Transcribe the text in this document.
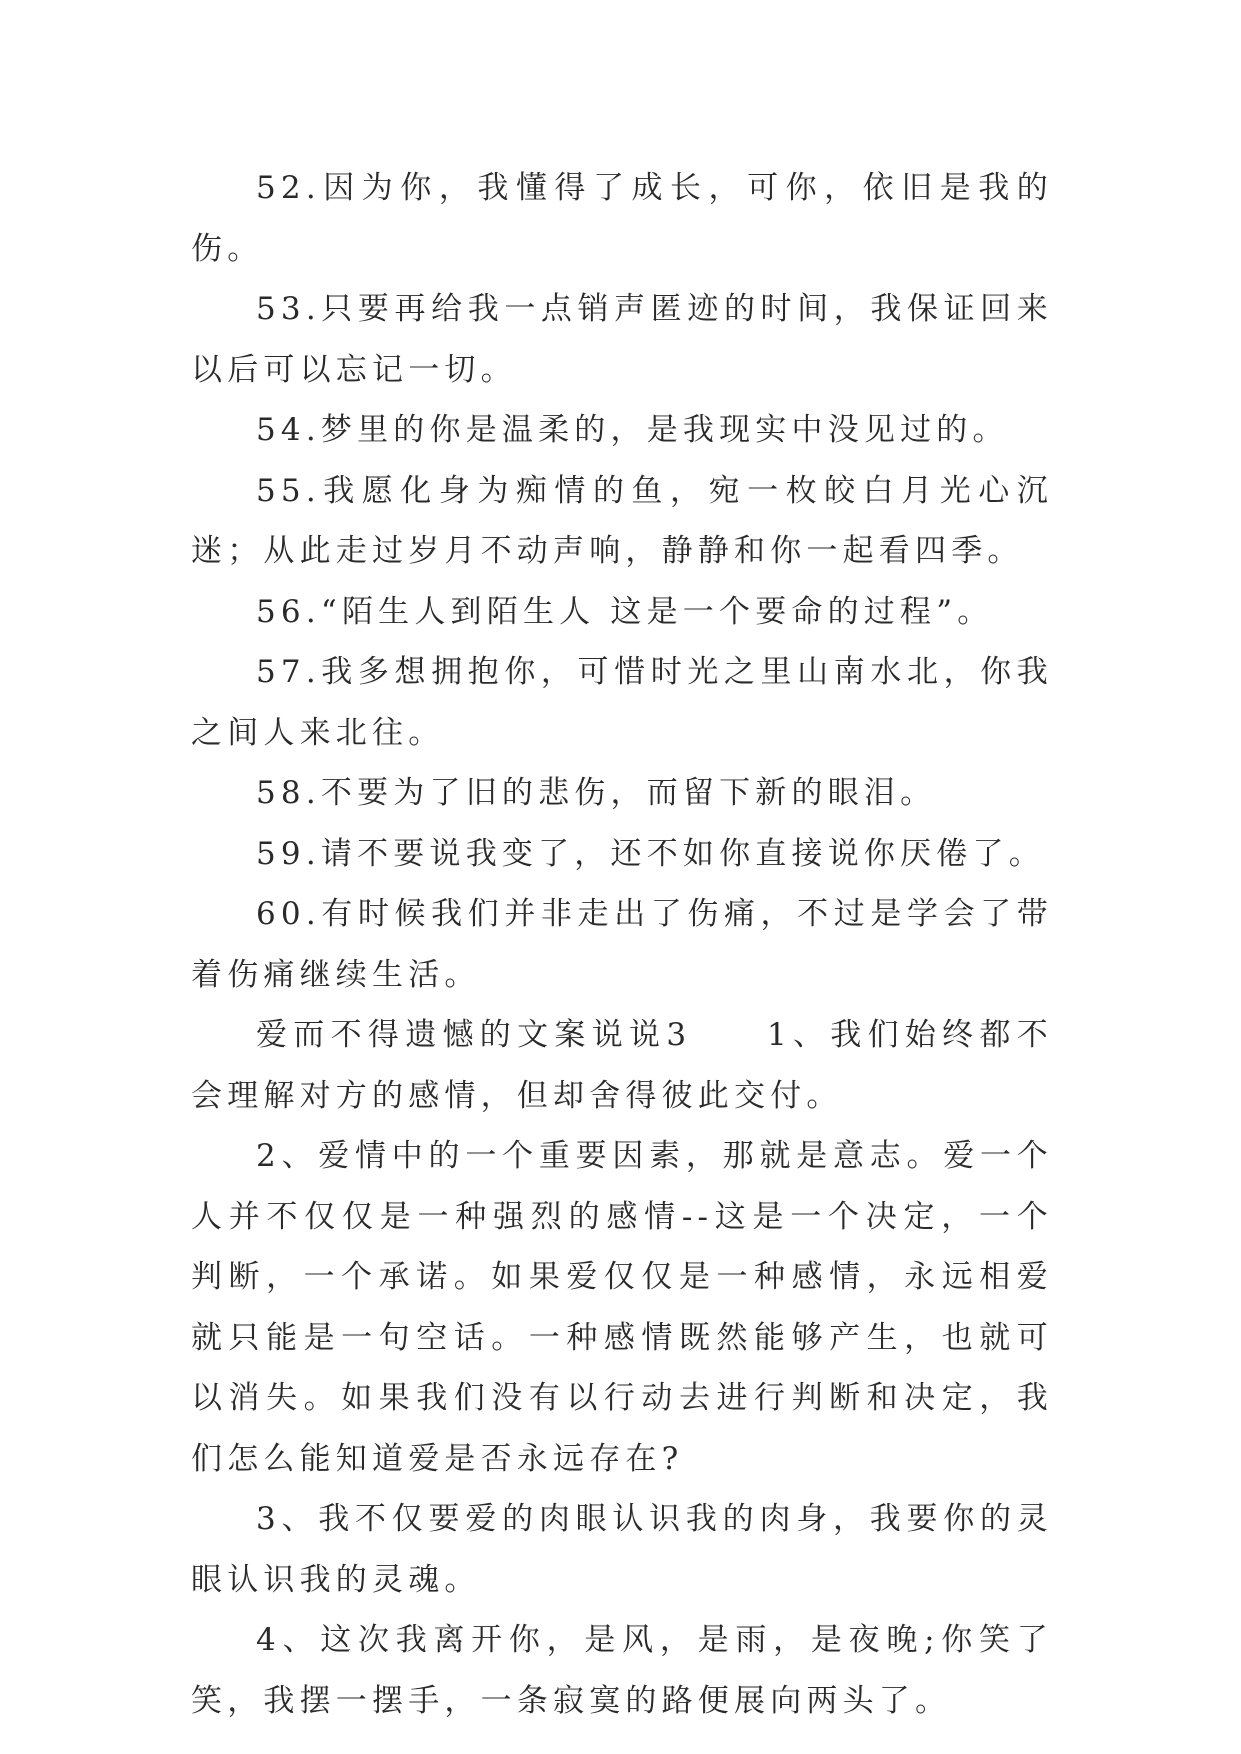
52.因为你，我懂得了成长，可你，依旧是我的伤。

53.只要再给我一点销声匿迹的时间，我保证回来以后可以忘记一切。

54.梦里的你是温柔的，是我现实中没见过的。

55.我愿化身为痴情的鱼，宛一枚皎白月光心沉迷；从此走过岁月不动声响，静静和你一起看四季。

56.“陌生人到陌生人 这是一个要命的过程”。

57.我多想拥抱你，可惜时光之里山南水北，你我之间人来北往。

58.不要为了旧的悲伤，而留下新的眼泪。

59.请不要说我变了，还不如你直接说你厌倦了。

60.有时候我们并非走出了伤痛，不过是学会了带着伤痛继续生活。

爱而不得遗憾的文案说说3　　1、我们始终都不会理解对方的感情，但却舍得彼此交付。

2、爱情中的一个重要因素，那就是意志。爱一个人并不仅仅是一种强烈的感情--这是一个决定，一个判断，一个承诺。如果爱仅仅是一种感情，永远相爱就只能是一句空话。一种感情既然能够产生，也就可以消失。如果我们没有以行动去进行判断和决定，我们怎么能知道爱是否永远存在?

3、我不仅要爱的肉眼认识我的肉身，我要你的灵眼认识我的灵魂。

4、这次我离开你，是风，是雨，是夜晚;你笑了笑，我摆一摆手，一条寂寞的路便展向两头了。
